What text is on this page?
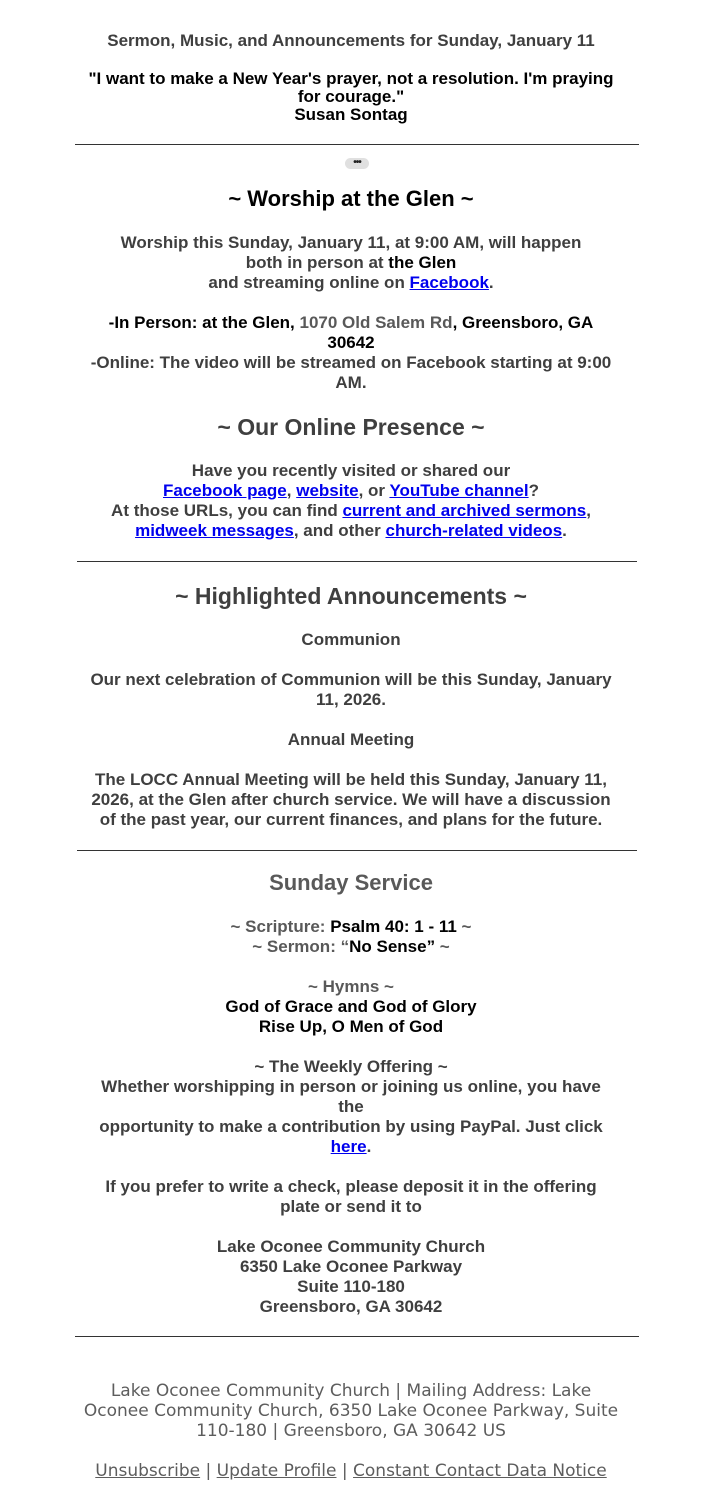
Sermon, Music, and Announcements for Sunday, January 11
"I want to make a New Year's prayer, not a resolution. I'm praying
for courage."
Susan Sontag
•••
~ Worship at the Glen ~
Worship this Sunday, January 11, at 9:00 AM, will happen
both in person at the Glen
and streaming online on Facebook.
-In Person: at the Glen, 1070 Old Salem Rd, Greensboro, GA
30642
-Online: The video will be streamed on Facebook starting at 9:00
AM.
~ Our Online Presence ~
Have you recently visited or shared our
Facebook page, website, or YouTube channel?
At those URLs, you can find current and archived sermons,
midweek messages, and other church-related videos.
~ Highlighted Announcements ~
Communion
Our next celebration of Communion will be this Sunday, January
11, 2026.
Annual Meeting
The LOCC Annual Meeting will be held this Sunday, January 11,
2026, at the Glen after church service. We will have a discussion
of the past year, our current finances, and plans for the future.
Sunday Service
~ Scripture: Psalm 40: 1 - 11 ~
~ Sermon: “No Sense” ~
~ Hymns ~
God of Grace and God of Glory
Rise Up, O Men of God
~ The Weekly Offering ~
Whether worshipping in person or joining us online, you have
the
opportunity to make a contribution by using PayPal. Just click
here.
If you prefer to write a check, please deposit it in the offering
plate or send it to
Lake Oconee Community Church
6350 Lake Oconee Parkway
Suite 110-180
Greensboro, GA 30642
Lake Oconee Community Church | Mailing Address: Lake
Oconee Community Church, 6350 Lake Oconee Parkway, Suite
110-180 | Greensboro, GA 30642 US
Unsubscribe | Update Profile | Constant Contact Data Notice
